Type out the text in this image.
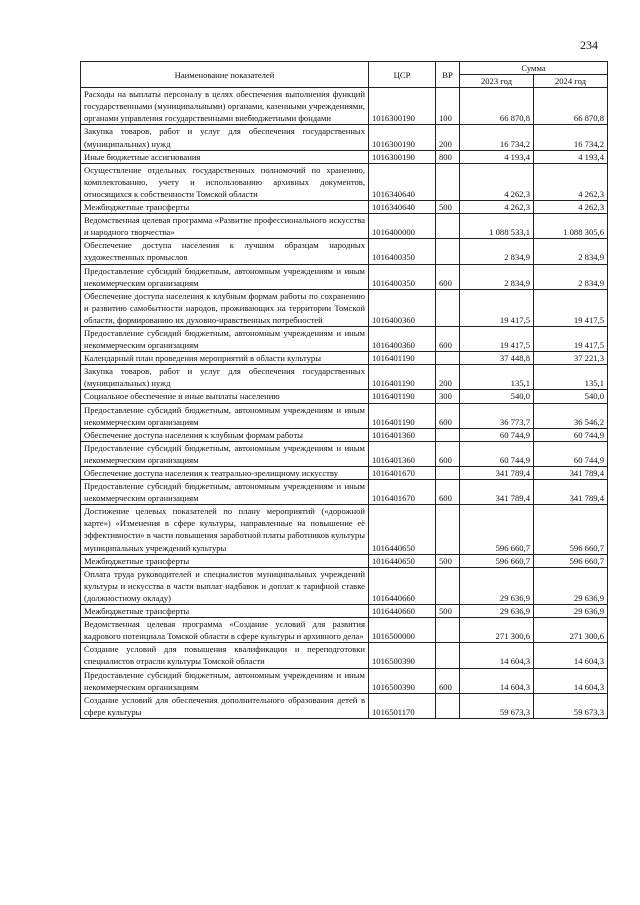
234
Наименование показателей	ЦСР	ВР	Сумма	
			2023 год	2024 год
Расходы на выплаты персоналу в целях обеспечения выполнения функций государственными (муниципальными) органами, казенными учреждениями, органами управления государственными внебюджетными фондами	1016300190	100	66 870,8	66 870,8
Закупка товаров, работ и услуг для обеспечения государственных (муниципальных) нужд	1016300190	200	16 734,2	16 734,2
Иные бюджетные ассигнования	1016300190	800	4 193,4	4 193,4
Осуществление отдельных государственных полномочий по хранению, комплектованию, учету и использованию архивных документов, относящихся к собственности Томской области	1016340640		4 262,3	4 262,3
Межбюджетные трансферты	1016340640	500	4 262,3	4 262,3
Ведомственная целевая программа «Развитие профессионального искусства и народного творчества»	1016400000		1 088 533,1	1 088 305,6
Обеспечение доступа населения к лучшим образцам народных художественных промыслов	1016400350		2 834,9	2 834,9
Предоставление субсидий бюджетным, автономным учреждениям и иным некоммерческим организациям	1016400350	600	2 834,9	2 834,9
Обеспечение доступа населения к клубным формам работы по сохранению и развитию самобытности народов, проживающих на территории Томской области, формированию их духовно-нравственных потребностей	1016400360		19 417,5	19 417,5
Предоставление субсидий бюджетным, автономным учреждениям и иным некоммерческим организациям	1016400360	600	19 417,5	19 417,5
Календарный план проведения мероприятий в области культуры	1016401190		37 448,8	37 221,3
Закупка товаров, работ и услуг для обеспечения государственных (муниципальных) нужд	1016401190	200	135,1	135,1
Социальное обеспечение и иные выплаты населению	1016401190	300	540,0	540,0
Предоставление субсидий бюджетным, автономным учреждениям и иным некоммерческим организациям	1016401190	600	36 773,7	36 546,2
Обеспечение доступа населения к клубным формам работы	1016401360		60 744,9	60 744,9
Предоставление субсидий бюджетным, автономным учреждениям и иным некоммерческим организациям	1016401360	600	60 744,9	60 744,9
Обеспечение доступа населения к театрально-зрелищному искусству	1016401670		341 789,4	341 789,4
Предоставление субсидий бюджетным, автономным учреждениям и иным некоммерческим организациям	1016401670	600	341 789,4	341 789,4
Достижение целевых показателей по плану мероприятий («дорожной карте») «Изменения в сфере культуры, направленные на повышение её эффективности» в части повышения заработной платы работников культуры муниципальных учреждений культуры	1016440650		596 660,7	596 660,7
Межбюджетные трансферты	1016440650	500	596 660,7	596 660,7
Оплата труда руководителей и специалистов муниципальных учреждений культуры и искусства в части выплат надбавок и доплат к тарифной ставке (должностному окладу)	1016440660		29 636,9	29 636,9
Межбюджетные трансферты	1016440660	500	29 636,9	29 636,9
Ведомственная целевая программа «Создание условий для развития кадрового потенциала Томской области в сфере культуры и архивного дела»	1016500000		271 300,6	271 300,6
Создание условий для повышения квалификации и переподготовки специалистов отрасли культуры Томской области	1016500390		14 604,3	14 604,3
Предоставление субсидий бюджетным, автономным учреждениям и иным некоммерческим организациям	1016500390	600	14 604,3	14 604,3
Создание условий для обеспечения дополнительного образования детей в сфере культуры	1016501170		59 673,3	59 673,3
